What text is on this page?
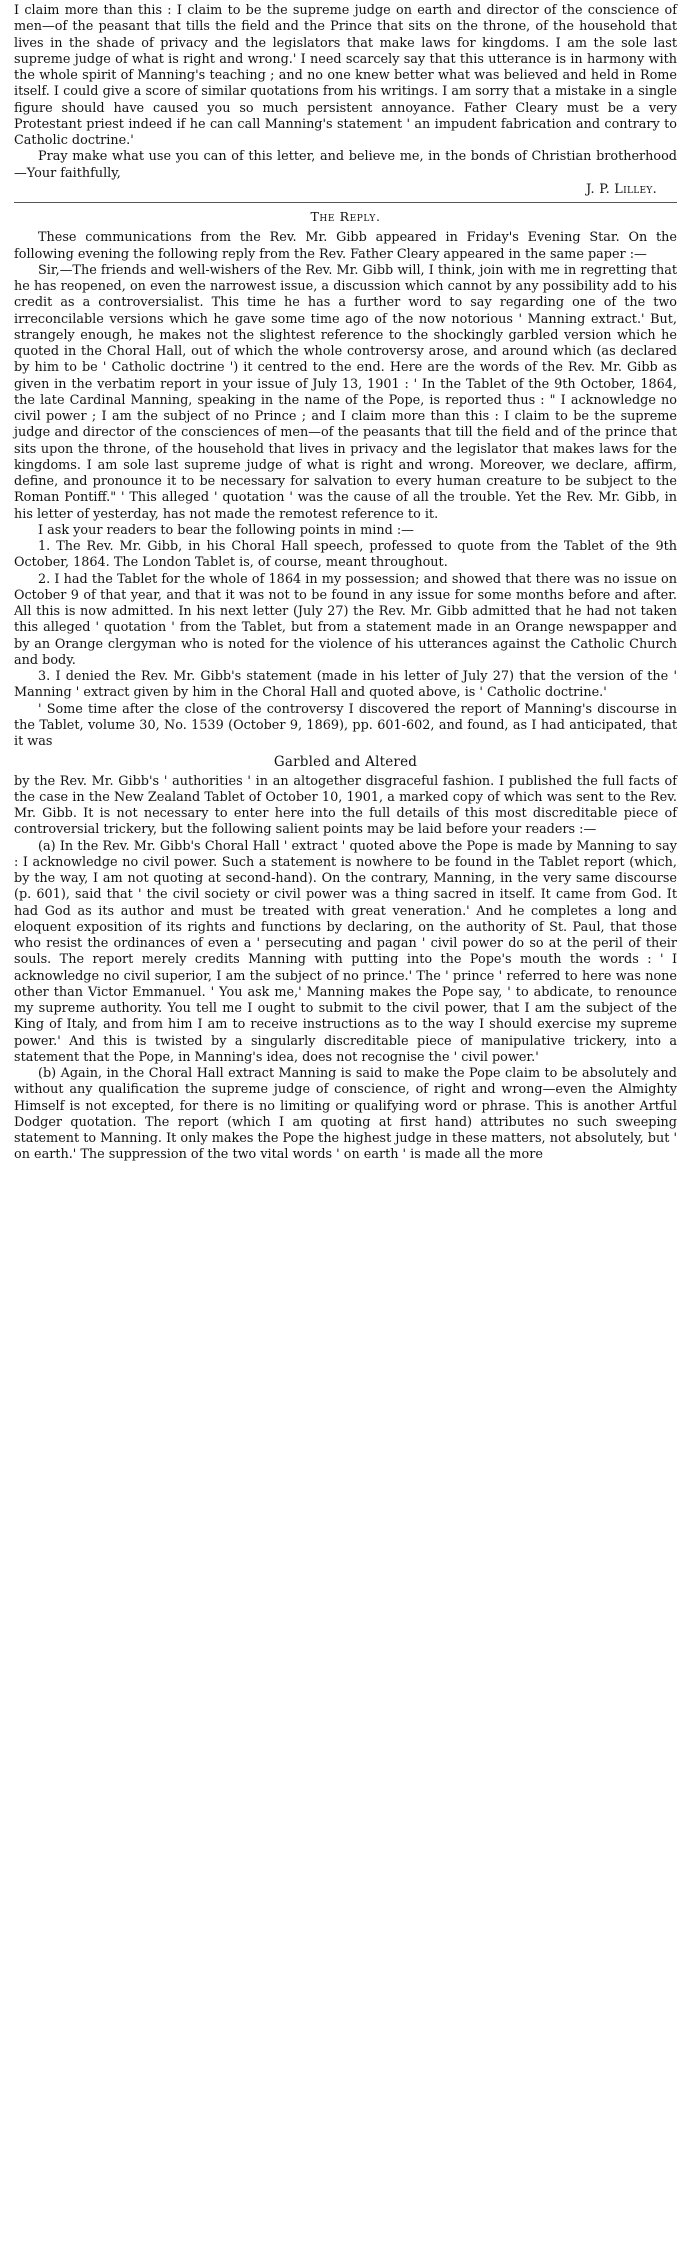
I claim more than this : I claim to be the supreme judge on earth and director of the conscience of men—of the peasant that tills the field and the Prince that sits on the throne, of the household that lives in the shade of privacy and the legislators that make laws for kingdoms. I am the sole last supreme judge of what is right and wrong.' I need scarcely say that this utterance is in harmony with the whole spirit of Manning's teaching ; and no one knew better what was believed and held in Rome itself. I could give a score of similar quotations from his writings. I am sorry that a mistake in a single figure should have caused you so much persistent annoyance. Father Cleary must be a very Protestant priest indeed if he can call Manning's statement ' an impudent fabrication and contrary to Catholic doctrine.'

Pray make what use you can of this letter, and believe me, in the bonds of Christian brotherhood—Your faithfully,

J. P. Lilley.

The Reply.

These communications from the Rev. Mr. Gibb appeared in Friday's Evening Star. On the following evening the following reply from the Rev. Father Cleary appeared in the same paper :—

Sir,—The friends and well-wishers of the Rev. Mr. Gibb will, I think, join with me in regretting that he has reopened, on even the narrowest issue, a discussion which cannot by any possibility add to his credit as a controversialist. This time he has a further word to say regarding one of the two irreconcilable versions which he gave some time ago of the now notorious ' Manning extract.' But, strangely enough, he makes not the slightest reference to the shockingly garbled version which he quoted in the Choral Hall, out of which the whole controversy arose, and around which (as declared by him to be ' Catholic doctrine ') it centred to the end. Here are the words of the Rev. Mr. Gibb as given in the verbatim report in your issue of July 13, 1901 : ' In the Tablet of the 9th October, 1864, the late Cardinal Manning, speaking in the name of the Pope, is reported thus : " I acknowledge no civil power ; I am the subject of no Prince ; and I claim more than this : I claim to be the supreme judge and director of the consciences of men—of the peasants that till the field and of the prince that sits upon the throne, of the household that lives in privacy and the legislator that makes laws for the kingdoms. I am sole last supreme judge of what is right and wrong. Moreover, we declare, affirm, define, and pronounce it to be necessary for salvation to every human creature to be subject to the Roman Pontiff." ' This alleged ' quotation ' was the cause of all the trouble. Yet the Rev. Mr. Gibb, in his letter of yesterday, has not made the remotest reference to it.

I ask your readers to bear the following points in mind :—

1. The Rev. Mr. Gibb, in his Choral Hall speech, professed to quote from the Tablet of the 9th October, 1864. The London Tablet is, of course, meant throughout.

2. I had the Tablet for the whole of 1864 in my possession; and showed that there was no issue on October 9 of that year, and that it was not to be found in any issue for some months before and after. All this is now admitted. In his next letter (July 27) the Rev. Mr. Gibb admitted that he had not taken this alleged ' quotation ' from the Tablet, but from a statement made in an Orange newspapper and by an Orange clergyman who is noted for the violence of his utterances against the Catholic Church and body.

3. I denied the Rev. Mr. Gibb's statement (made in his letter of July 27) that the version of the ' Manning ' extract given by him in the Choral Hall and quoted above, is ' Catholic doctrine.'

' Some time after the close of the controversy I discovered the report of Manning's discourse in the Tablet, volume 30, No. 1539 (October 9, 1869), pp. 601-602, and found, as I had anticipated, that it was

Garbled and Altered

by the Rev. Mr. Gibb's ' authorities ' in an altogether disgraceful fashion. I published the full facts of the case in the New Zealand Tablet of October 10, 1901, a marked copy of which was sent to the Rev. Mr. Gibb. It is not necessary to enter here into the full details of this most discreditable piece of controversial trickery, but the following salient points may be laid before your readers :—

(a) In the Rev. Mr. Gibb's Choral Hall ' extract ' quoted above the Pope is made by Manning to say : I acknowledge no civil power. Such a statement is nowhere to be found in the Tablet report (which, by the way, I am not quoting at second-hand). On the contrary, Manning, in the very same discourse (p. 601), said that ' the civil society or civil power was a thing sacred in itself. It came from God. It had God as its author and must be treated with great veneration.' And he completes a long and eloquent exposition of its rights and functions by declaring, on the authority of St. Paul, that those who resist the ordinances of even a ' persecuting and pagan ' civil power do so at the peril of their souls. The report merely credits Manning with putting into the Pope's mouth the words : ' I acknowledge no civil superior, I am the subject of no prince.' The ' prince ' referred to here was none other than Victor Emmanuel. ' You ask me,' Manning makes the Pope say, ' to abdicate, to renounce my supreme authority. You tell me I ought to submit to the civil power, that I am the subject of the King of Italy, and from him I am to receive instructions as to the way I should exercise my supreme power.' And this is twisted by a singularly discreditable piece of manipulative trickery, into a statement that the Pope, in Manning's idea, does not recognise the ' civil power.'

(b) Again, in the Choral Hall extract Manning is said to make the Pope claim to be absolutely and without any qualification the supreme judge of conscience, of right and wrong—even the Almighty Himself is not excepted, for there is no limiting or qualifying word or phrase. This is another Artful Dodger quotation. The report (which I am quoting at first hand) attributes no such sweeping statement to Manning. It only makes the Pope the highest judge in these matters, not absolutely, but ' on earth.' The suppression of the two vital words ' on earth ' is made all the more
